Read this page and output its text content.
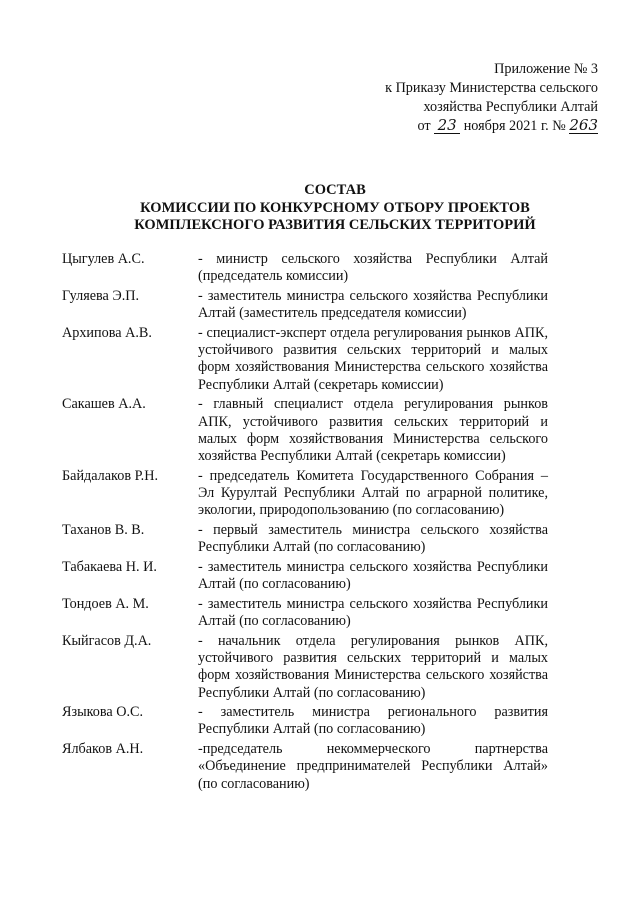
Приложение № 3
к Приказу Министерства сельского
хозяйства Республики Алтай
от 23 ноября 2021 г. № 263
СОСТАВ
КОМИССИИ ПО КОНКУРСНОМУ ОТБОРУ ПРОЕКТОВ
КОМПЛЕКСНОГО РАЗВИТИЯ СЕЛЬСКИХ ТЕРРИТОРИЙ
Цыгулев А.С.	- министр сельского хозяйства Республики Алтай (председатель комиссии)
Гуляева Э.П.	- заместитель министра сельского хозяйства Республики Алтай (заместитель председателя комиссии)
Архипова А.В.	- специалист-эксперт отдела регулирования рынков АПК, устойчивого развития сельских территорий и малых форм хозяйствования Министерства сельского хозяйства Республики Алтай (секретарь комиссии)
Сакашев А.А.	- главный специалист отдела регулирования рынков АПК, устойчивого развития сельских территорий и малых форм хозяйствования Министерства сельского хозяйства Республики Алтай (секретарь комиссии)
Байдалаков Р.Н.	- председатель Комитета Государственного Собрания – Эл Курултай Республики Алтай по аграрной политике, экологии, природопользованию (по согласованию)
Таханов В. В.	- первый заместитель министра сельского хозяйства Республики Алтай (по согласованию)
Табакаева Н. И.	- заместитель министра сельского хозяйства Республики Алтай (по согласованию)
Тондоев А. М.	- заместитель министра сельского хозяйства Республики Алтай (по согласованию)
Кыйгасов Д.А.	- начальник отдела регулирования рынков АПК, устойчивого развития сельских территорий и малых форм хозяйствования Министерства сельского хозяйства Республики Алтай (по согласованию)
Языкова О.С.	- заместитель министра регионального развития Республики Алтай (по согласованию)
Ялбаков А.Н.	-председатель некоммерческого партнерства «Объединение предпринимателей Республики Алтай» (по согласованию)
